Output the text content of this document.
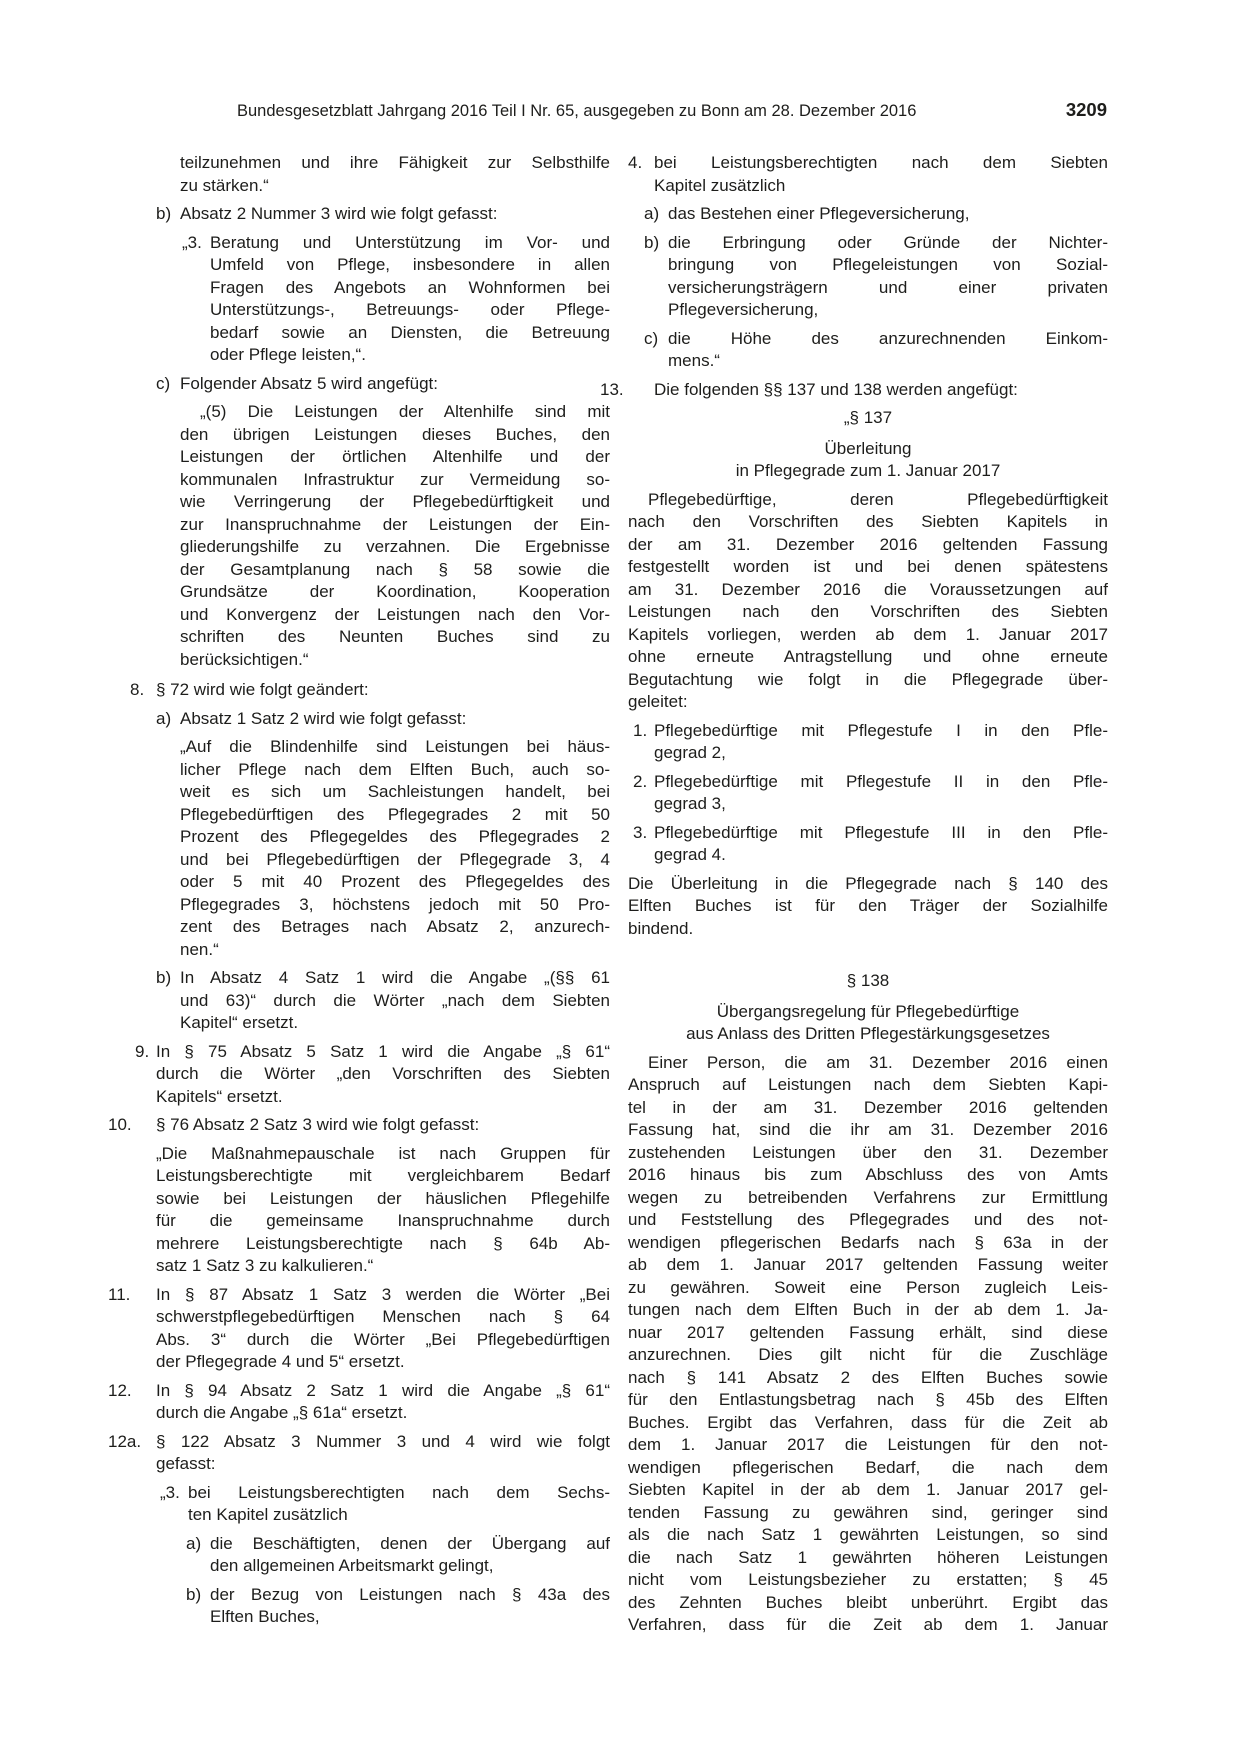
Bundesgesetzblatt Jahrgang 2016 Teil I Nr. 65, ausgegeben zu Bonn am 28. Dezember 2016	3209
teilzunehmen und ihre Fähigkeit zur Selbsthilfe
zu stärken.“
b) Absatz 2 Nummer 3 wird wie folgt gefasst:
„3. Beratung und Unterstützung im Vor- und
Umfeld von Pflege, insbesondere in allen
Fragen des Angebots an Wohnformen bei
Unterstützungs-, Betreuungs- oder Pflege-
bedarf sowie an Diensten, die Betreuung
oder Pflege leisten,“.
c) Folgender Absatz 5 wird angefügt:
„(5) Die Leistungen der Altenhilfe sind mit
den übrigen Leistungen dieses Buches, den
Leistungen der örtlichen Altenhilfe und der
kommunalen Infrastruktur zur Vermeidung so-
wie Verringerung der Pflegebedürftigkeit und
zur Inanspruchnahme der Leistungen der Ein-
gliederungshilfe zu verzahnen. Die Ergebnisse
der Gesamtplanung nach § 58 sowie die
Grundsätze der Koordination, Kooperation
und Konvergenz der Leistungen nach den Vor-
schriften des Neunten Buches sind zu
berücksichtigen.“
8. § 72 wird wie folgt geändert:
a) Absatz 1 Satz 2 wird wie folgt gefasst:
„Auf die Blindenhilfe sind Leistungen bei häus-
licher Pflege nach dem Elften Buch, auch so-
weit es sich um Sachleistungen handelt, bei
Pflegebedürftigen des Pflegegrades 2 mit 50
Prozent des Pflegegeldes des Pflegegrades 2
und bei Pflegebedürftigen der Pflegegrade 3, 4
oder 5 mit 40 Prozent des Pflegegeldes des
Pflegegrades 3, höchstens jedoch mit 50 Pro-
zent des Betrages nach Absatz 2, anzurech-
nen.“
b) In Absatz 4 Satz 1 wird die Angabe „(§§ 61
und 63)“ durch die Wörter „nach dem Siebten
Kapitel“ ersetzt.
9. In § 75 Absatz 5 Satz 1 wird die Angabe „§ 61“
durch die Wörter „den Vorschriften des Siebten
Kapitels“ ersetzt.
10. § 76 Absatz 2 Satz 3 wird wie folgt gefasst:
„Die Maßnahmepauschale ist nach Gruppen für
Leistungsberechtigte mit vergleichbarem Bedarf
sowie bei Leistungen der häuslichen Pflegehilfe
für die gemeinsame Inanspruchnahme durch
mehrere Leistungsberechtigte nach § 64b Ab-
satz 1 Satz 3 zu kalkulieren.“
11. In § 87 Absatz 1 Satz 3 werden die Wörter „Bei
schwerstpflegebedürftigen Menschen nach § 64
Abs. 3“ durch die Wörter „Bei Pflegebedürftigen
der Pflegegrade 4 und 5“ ersetzt.
12. In § 94 Absatz 2 Satz 1 wird die Angabe „§ 61“
durch die Angabe „§ 61a“ ersetzt.
12a. § 122 Absatz 3 Nummer 3 und 4 wird wie folgt
gefasst:
„3. bei Leistungsberechtigten nach dem Sechs-
ten Kapitel zusätzlich
a) die Beschäftigten, denen der Übergang auf
den allgemeinen Arbeitsmarkt gelingt,
b) der Bezug von Leistungen nach § 43a des
Elften Buches,
4. bei Leistungsberechtigten nach dem Siebten
Kapitel zusätzlich
a) das Bestehen einer Pflegeversicherung,
b) die Erbringung oder Gründe der Nichter-
bringung von Pflegeleistungen von Sozial-
versicherungsträgern und einer privaten
Pflegeversicherung,
c) die Höhe des anzurechnenden Einkom-
mens.“
13. Die folgenden §§ 137 und 138 werden angefügt:
„§ 137
Überleitung
in Pflegegrade zum 1. Januar 2017
Pflegebedürftige, deren Pflegebedürftigkeit
nach den Vorschriften des Siebten Kapitels in
der am 31. Dezember 2016 geltenden Fassung
festgestellt worden ist und bei denen spätestens
am 31. Dezember 2016 die Voraussetzungen auf
Leistungen nach den Vorschriften des Siebten
Kapitels vorliegen, werden ab dem 1. Januar 2017
ohne erneute Antragstellung und ohne erneute
Begutachtung wie folgt in die Pflegegrade über-
geleitet:
1. Pflegebedürftige mit Pflegestufe I in den Pfle-
gegrad 2,
2. Pflegebedürftige mit Pflegestufe II in den Pfle-
gegrad 3,
3. Pflegebedürftige mit Pflegestufe III in den Pfle-
gegrad 4.
Die Überleitung in die Pflegegrade nach § 140 des
Elften Buches ist für den Träger der Sozialhilfe
bindend.
§ 138
Übergangsregelung für Pflegebedürftige
aus Anlass des Dritten Pflegestärkungsgesetzes
Einer Person, die am 31. Dezember 2016 einen
Anspruch auf Leistungen nach dem Siebten Kapi-
tel in der am 31. Dezember 2016 geltenden
Fassung hat, sind die ihr am 31. Dezember 2016
zustehenden Leistungen über den 31. Dezember
2016 hinaus bis zum Abschluss des von Amts
wegen zu betreibenden Verfahrens zur Ermittlung
und Feststellung des Pflegegrades und des not-
wendigen pflegerischen Bedarfs nach § 63a in der
ab dem 1. Januar 2017 geltenden Fassung weiter
zu gewähren. Soweit eine Person zugleich Leis-
tungen nach dem Elften Buch in der ab dem 1. Ja-
nuar 2017 geltenden Fassung erhält, sind diese
anzurechnen. Dies gilt nicht für die Zuschläge
nach § 141 Absatz 2 des Elften Buches sowie
für den Entlastungsbetrag nach § 45b des Elften
Buches. Ergibt das Verfahren, dass für die Zeit ab
dem 1. Januar 2017 die Leistungen für den not-
wendigen pflegerischen Bedarf, die nach dem
Siebten Kapitel in der ab dem 1. Januar 2017 gel-
tenden Fassung zu gewähren sind, geringer sind
als die nach Satz 1 gewährten Leistungen, so sind
die nach Satz 1 gewährten höheren Leistungen
nicht vom Leistungsbezieher zu erstatten; § 45
des Zehnten Buches bleibt unberührt. Ergibt das
Verfahren, dass für die Zeit ab dem 1. Januar
